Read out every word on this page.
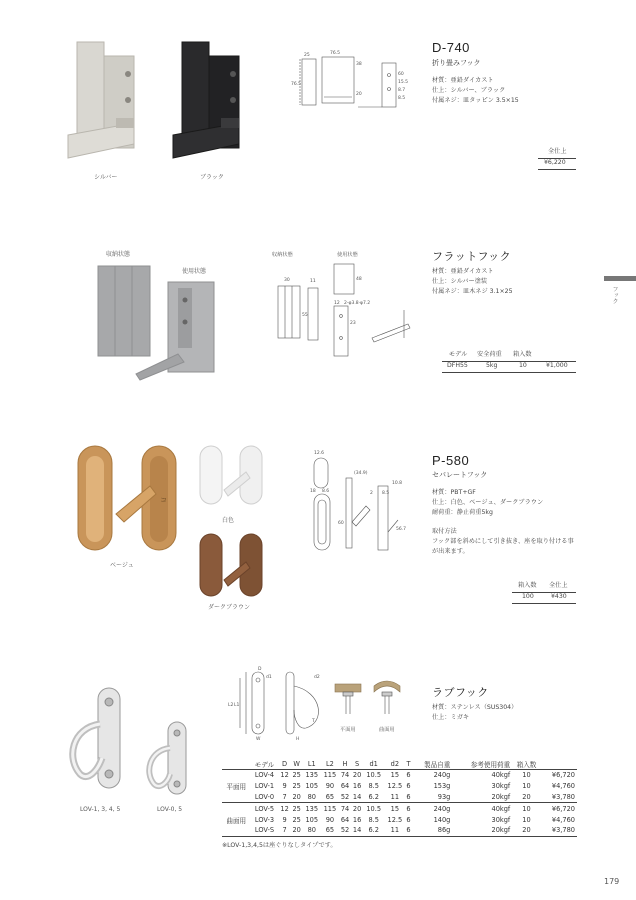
フック
シルバー	ブラック
25	76.5
76.5
38
20
60
15.5
8.7
8.5
D-740
折り畳みフック
材質：亜鉛ダイカスト
仕上：シルバー、ブラック
付属ネジ：皿タッピン 3.5×15
全仕上
¥6,220
収納状態
使用状態
収納状態	使用状態
30	11
55
48
12 2-φ3.8·φ7.2
23
フラットフック
材質：亜鉛ダイカスト
仕上：シルバー塗装
付属ネジ：皿木ネジ 3.1×25
モデル 安全荷重 箱入数
DFH55	5kg	10	¥1,000
コ
ベージュ
白色
ダークブラウン
12.6
18 8.6
(34.9)
10.8
2 8.5
60
56.7
P-580
セパレートフック
材質：PBT+GF
仕上：白色、ベージュ、ダークブラウン
耐荷重：静止荷重5kg
取付方法
フック部を斜めにして引き抜き、座を取り付ける事
が出来ます。
箱入数 全仕上
100	¥430
LOV-1, 3, 4, 5	LOV-0, 5
D
d1	d2
L1
L2
W	H
T
平面用	曲面用
ラブフック
材質：ステンレス（SUS304）
仕上：ミガキ
	モデル	D	W	L1	L2	H	S	d1	d2	T	製品自重	参考使用荷重	箱入数	
平面用	LOV-4	12	25	135	115	74	20	10.5	15	6	240g	40kgf	10	¥6,720
	LOV-1	9	25	105	90	64	16	8.5	12.5	6	153g	30kgf	10	¥4,760
	LOV-0	7	20	80	65	52	14	6.2	11	6	93g	20kgf	20	¥3,780
曲面用	LOV-5	12	25	135	115	74	20	10.5	15	6	240g	40kgf	10	¥6,720
	LOV-3	9	25	105	90	64	16	8.5	12.5	6	140g	30kgf	10	¥4,760
	LOV-S	7	20	80	65	52	14	6.2	11	6	86g	20kgf	20	¥3,780
※LOV-1,3,4,5は座ぐりなしタイプです。
179
